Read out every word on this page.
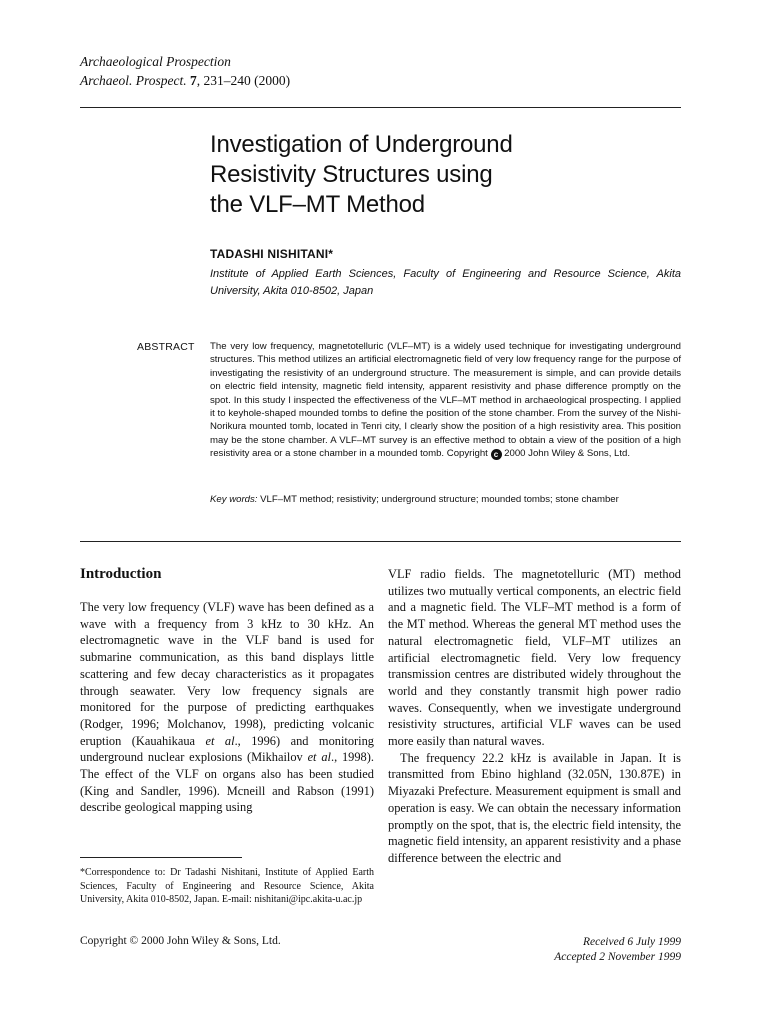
Archaeological Prospection
Archaeol. Prospect. 7, 231–240 (2000)
Investigation of Underground
Resistivity Structures using
the VLF–MT Method
TADASHI NISHITANI*
Institute of Applied Earth Sciences, Faculty of Engineering and Resource Science, Akita University, Akita 010-8502, Japan
ABSTRACT The very low frequency, magnetotelluric (VLF–MT) is a widely used technique for investigating underground structures. This method utilizes an artificial electromagnetic field of very low frequency range for the purpose of investigating the resistivity of an underground structure. The measurement is simple, and can provide details on electric field intensity, magnetic field intensity, apparent resistivity and phase difference promptly on the spot. In this study I inspected the effectiveness of the VLF–MT method in archaeological prospecting. I applied it to keyhole-shaped mounded tombs to define the position of the stone chamber. From the survey of the Nishi-Norikura mounted tomb, located in Tenri city, I clearly show the position of a high resistivity area. This position may be the stone chamber. A VLF–MT survey is an effective method to obtain a view of the position of a high resistivity area or a stone chamber in a mounded tomb. Copyright c 2000 John Wiley & Sons, Ltd.
Key words: VLF–MT method; resistivity; underground structure; mounded tombs; stone chamber
Introduction

The very low frequency (VLF) wave has been defined as a wave with a frequency from 3 kHz to 30 kHz. An electromagnetic wave in the VLF band is used for submarine communication, as this band displays little scattering and few decay characteristics as it propagates through seawater. Very low frequency signals are monitored for the purpose of predicting earthquakes (Rodger, 1996; Molchanov, 1998), predicting volcanic eruption (Kauahikaua et al., 1996) and monitoring underground nuclear explosions (Mikhailov et al., 1998). The effect of the VLF on organs also has been studied (King and Sandler, 1996). Mcneill and Rabson (1991) describe geological mapping using

VLF radio fields. The magnetotelluric (MT) method utilizes two mutually vertical components, an electric field and a magnetic field. The VLF–MT method is a form of the MT method. Whereas the general MT method uses the natural electromagnetic field, VLF–MT utilizes an artificial electromagnetic field. Very low frequency transmission centres are distributed widely throughout the world and they constantly transmit high power radio waves. Consequently, when we investigate underground resistivity structures, artificial VLF waves can be used more easily than natural waves.

The frequency 22.2 kHz is available in Japan. It is transmitted from Ebino highland (32.05N, 130.87E) in Miyazaki Prefecture. Measurement equipment is small and operation is easy. We can obtain the necessary information promptly on the spot, that is, the electric field intensity, the magnetic field intensity, an apparent resistivity and a phase difference between the electric and

*Correspondence to: Dr Tadashi Nishitani, Institute of Applied Earth Sciences, Faculty of Engineering and Resource Science, Akita University, Akita 010-8502, Japan. E-mail: nishitani@ipc.akita-u.ac.jp
Copyright © 2000 John Wiley & Sons, Ltd.	Received 6 July 1999
Accepted 2 November 1999
